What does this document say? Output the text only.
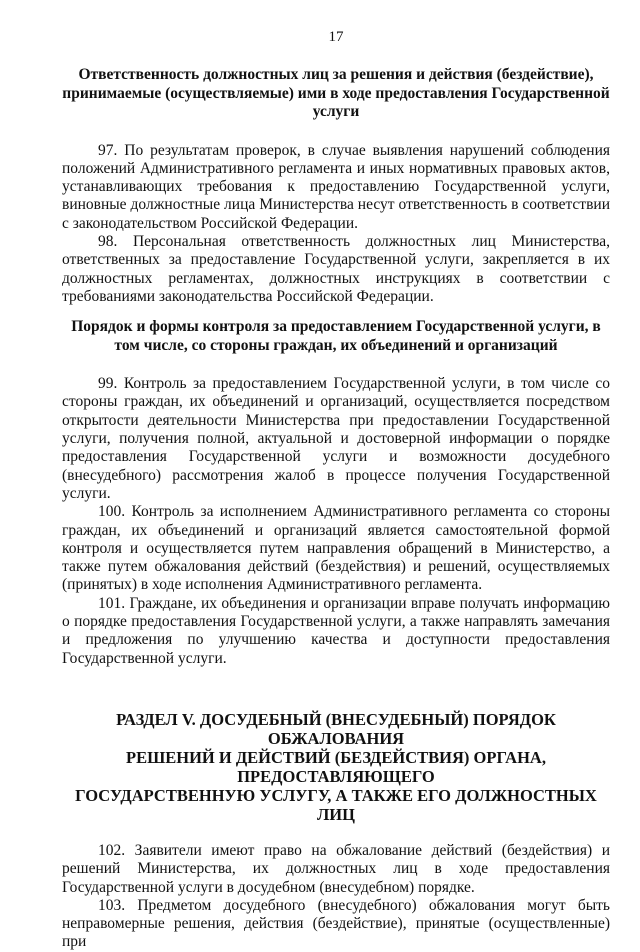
17
Ответственность должностных лиц за решения и действия (бездействие), принимаемые (осуществляемые) ими в ходе предоставления Государственной услуги

97. По результатам проверок, в случае выявления нарушений соблюдения положений Административного регламента и иных нормативных правовых актов, устанавливающих требования к предоставлению Государственной услуги, виновные должностные лица Министерства несут ответственность в соответствии с законодательством Российской Федерации.

98. Персональная ответственность должностных лиц Министерства, ответственных за предоставление Государственной услуги, закрепляется в их должностных регламентах, должностных инструкциях в соответствии с требованиями законодательства Российской Федерации.

Порядок и формы контроля за предоставлением Государственной услуги, в том числе, со стороны граждан, их объединений и организаций

99. Контроль за предоставлением Государственной услуги, в том числе со стороны граждан, их объединений и организаций, осуществляется посредством открытости деятельности Министерства при предоставлении Государственной услуги, получения полной, актуальной и достоверной информации о порядке предоставления Государственной услуги и возможности досудебного (внесудебного) рассмотрения жалоб в процессе получения Государственной услуги.

100. Контроль за исполнением Административного регламента со стороны граждан, их объединений и организаций является самостоятельной формой контроля и осуществляется путем направления обращений в Министерство, а также путем обжалования действий (бездействия) и решений, осуществляемых (принятых) в ходе исполнения Административного регламента.

101. Граждане, их объединения и организации вправе получать информацию о порядке предоставления Государственной услуги, а также направлять замечания и предложения по улучшению качества и доступности предоставления Государственной услуги.

РАЗДЕЛ V. ДОСУДЕБНЫЙ (ВНЕСУДЕБНЫЙ) ПОРЯДОК ОБЖАЛОВАНИЯ
РЕШЕНИЙ И ДЕЙСТВИЙ (БЕЗДЕЙСТВИЯ) ОРГАНА,
ПРЕДОСТАВЛЯЮЩЕГО
ГОСУДАРСТВЕННУЮ УСЛУГУ, А ТАКЖЕ ЕГО ДОЛЖНОСТНЫХ ЛИЦ

102. Заявители имеют право на обжалование действий (бездействия) и решений Министерства, их должностных лиц в ходе предоставления Государственной услуги в досудебном (внесудебном) порядке.

103. Предметом досудебного (внесудебного) обжалования могут быть неправомерные решения, действия (бездействие), принятые (осуществленные) при
